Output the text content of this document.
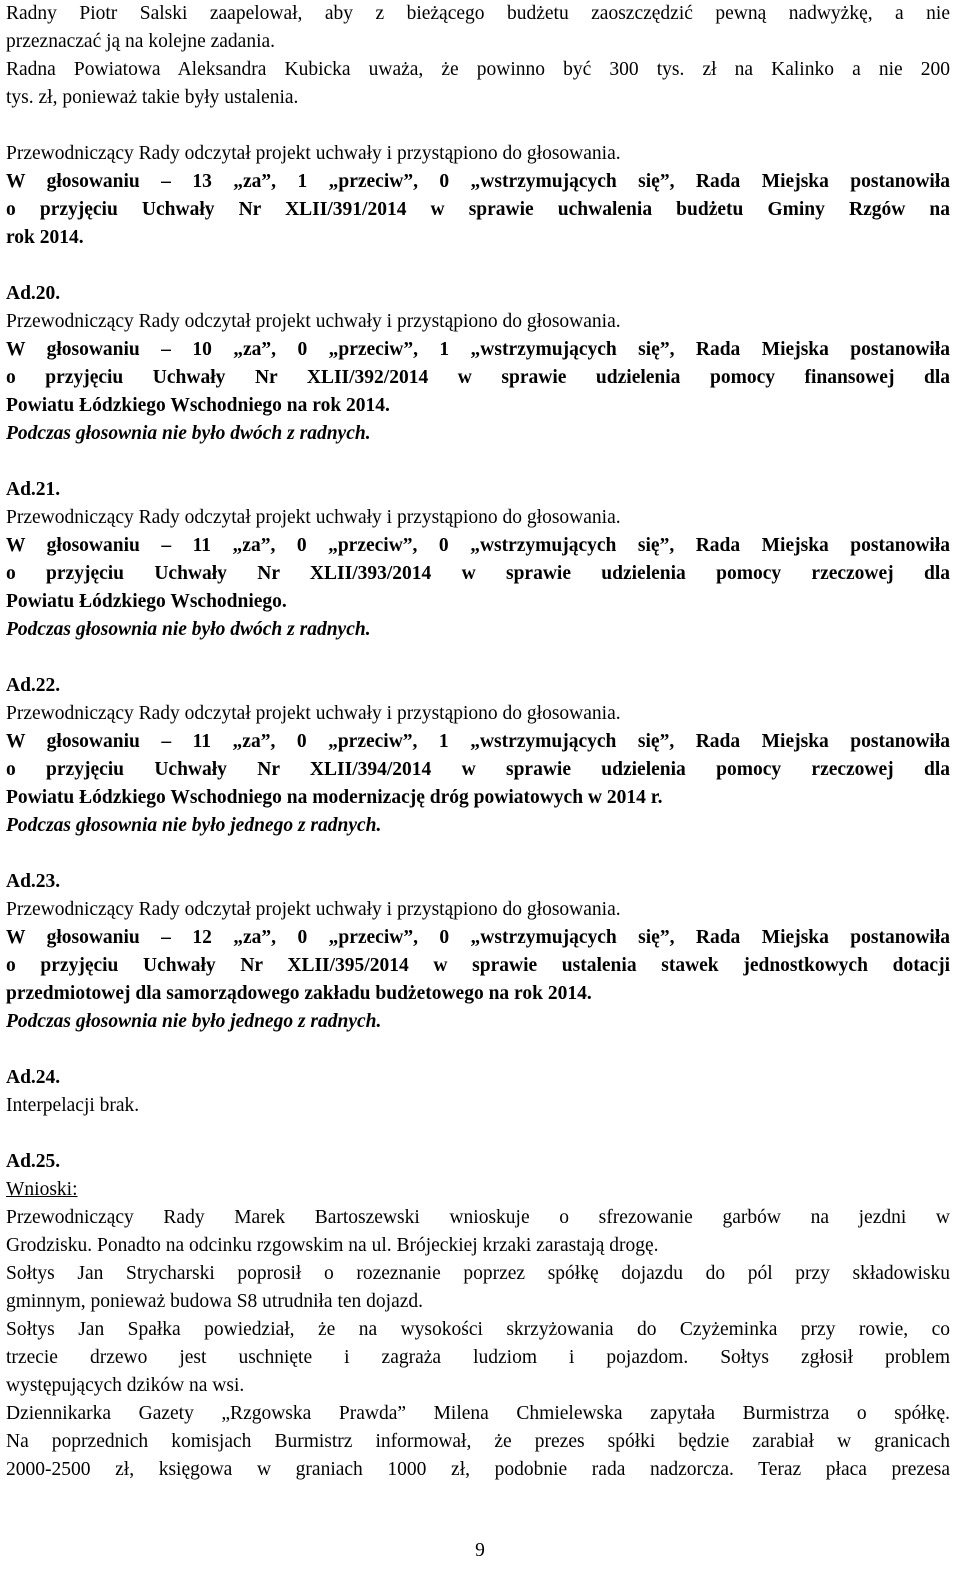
Radny Piotr Salski zaapelował, aby z bieżącego budżetu zaoszczędzić pewną nadwyżkę, a nie
przeznaczać ją na kolejne zadania.
Radna Powiatowa Aleksandra Kubicka uważa, że powinno być 300 tys. zł na Kalinko a nie 200
tys. zł, ponieważ takie były ustalenia.
Przewodniczący Rady odczytał projekt uchwały i przystąpiono do głosowania.
W głosowaniu – 13 „za”, 1 „przeciw”, 0 „wstrzymujących się”, Rada Miejska postanowiła
o przyjęciu Uchwały Nr XLII/391/2014 w sprawie uchwalenia budżetu Gminy Rzgów na
rok 2014.
Ad.20.
Przewodniczący Rady odczytał projekt uchwały i przystąpiono do głosowania.
W głosowaniu – 10 „za”, 0 „przeciw”, 1 „wstrzymujących się”, Rada Miejska postanowiła
o przyjęciu Uchwały Nr XLII/392/2014 w sprawie udzielenia pomocy finansowej dla
Powiatu Łódzkiego Wschodniego na rok 2014.
Podczas głosownia nie było dwóch z radnych.
Ad.21.
Przewodniczący Rady odczytał projekt uchwały i przystąpiono do głosowania.
W głosowaniu – 11 „za”, 0 „przeciw”, 0 „wstrzymujących się”, Rada Miejska postanowiła
o przyjęciu Uchwały Nr XLII/393/2014 w sprawie udzielenia pomocy rzeczowej dla
Powiatu Łódzkiego Wschodniego.
Podczas głosownia nie było dwóch z radnych.
Ad.22.
Przewodniczący Rady odczytał projekt uchwały i przystąpiono do głosowania.
W głosowaniu – 11 „za”, 0 „przeciw”, 1 „wstrzymujących się”, Rada Miejska postanowiła
o przyjęciu Uchwały Nr XLII/394/2014 w sprawie udzielenia pomocy rzeczowej dla
Powiatu Łódzkiego Wschodniego na modernizację dróg powiatowych w 2014 r.
Podczas głosownia nie było jednego z radnych.
Ad.23.
Przewodniczący Rady odczytał projekt uchwały i przystąpiono do głosowania.
W głosowaniu – 12 „za”, 0 „przeciw”, 0 „wstrzymujących się”, Rada Miejska postanowiła
o przyjęciu Uchwały Nr XLII/395/2014 w sprawie ustalenia stawek jednostkowych dotacji
przedmiotowej dla samorządowego zakładu budżetowego na rok 2014.
Podczas głosownia nie było jednego z radnych.
Ad.24.
Interpelacji brak.
Ad.25.
Wnioski:
Przewodniczący Rady Marek Bartoszewski wnioskuje o sfrezowanie garbów na jezdni w
Grodzisku. Ponadto na odcinku rzgowskim na ul. Brójeckiej krzaki zarastają drogę.
Sołtys Jan Strycharski poprosił o rozeznanie poprzez spółkę dojazdu do pól przy składowisku
gminnym, ponieważ budowa S8 utrudniła ten dojazd.
Sołtys Jan Spałka powiedział, że na wysokości skrzyżowania do Czyżeminka przy rowie, co
trzecie drzewo jest uschnięte i zagraża ludziom i pojazdom. Sołtys zgłosił problem
występujących dzików na wsi.
Dziennikarka Gazety „Rzgowska Prawda” Milena Chmielewska zapytała Burmistrza o spółkę.
Na poprzednich komisjach Burmistrz informował, że prezes spółki będzie zarabiał w granicach
2000-2500 zł, księgowa w graniach 1000 zł, podobnie rada nadzorcza. Teraz płaca prezesa
9
